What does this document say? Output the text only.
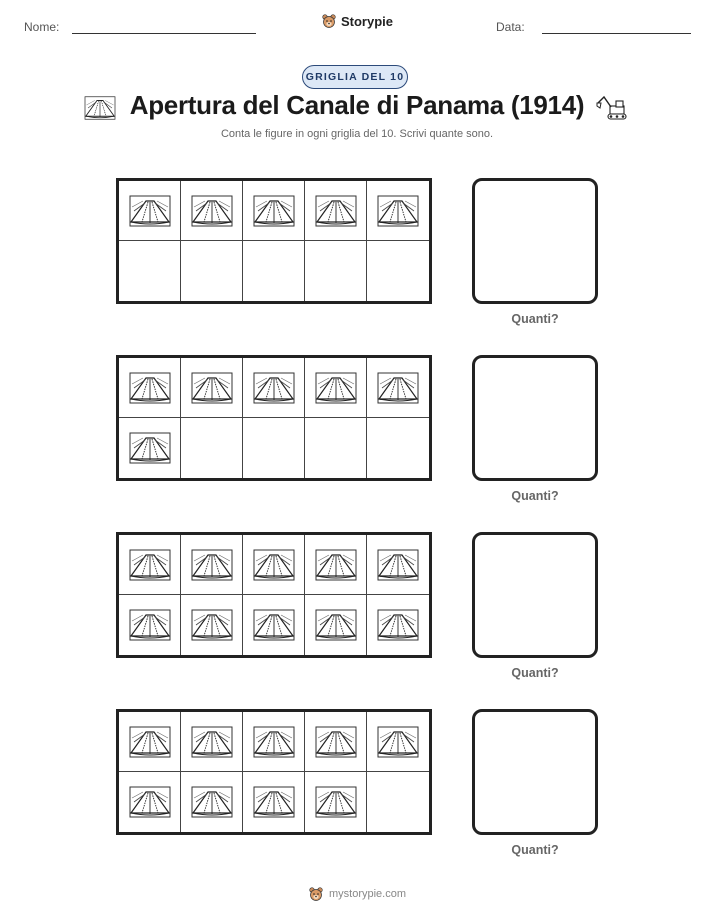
Nome:	Storypie	Data:
GRIGLIA DEL 10
Apertura del Canale di Panama (1914)
Conta le figure in ogni griglia del 10. Scrivi quante sono.
Quanti?
Quanti?
Quanti?
Quanti?
mystorypie.com
